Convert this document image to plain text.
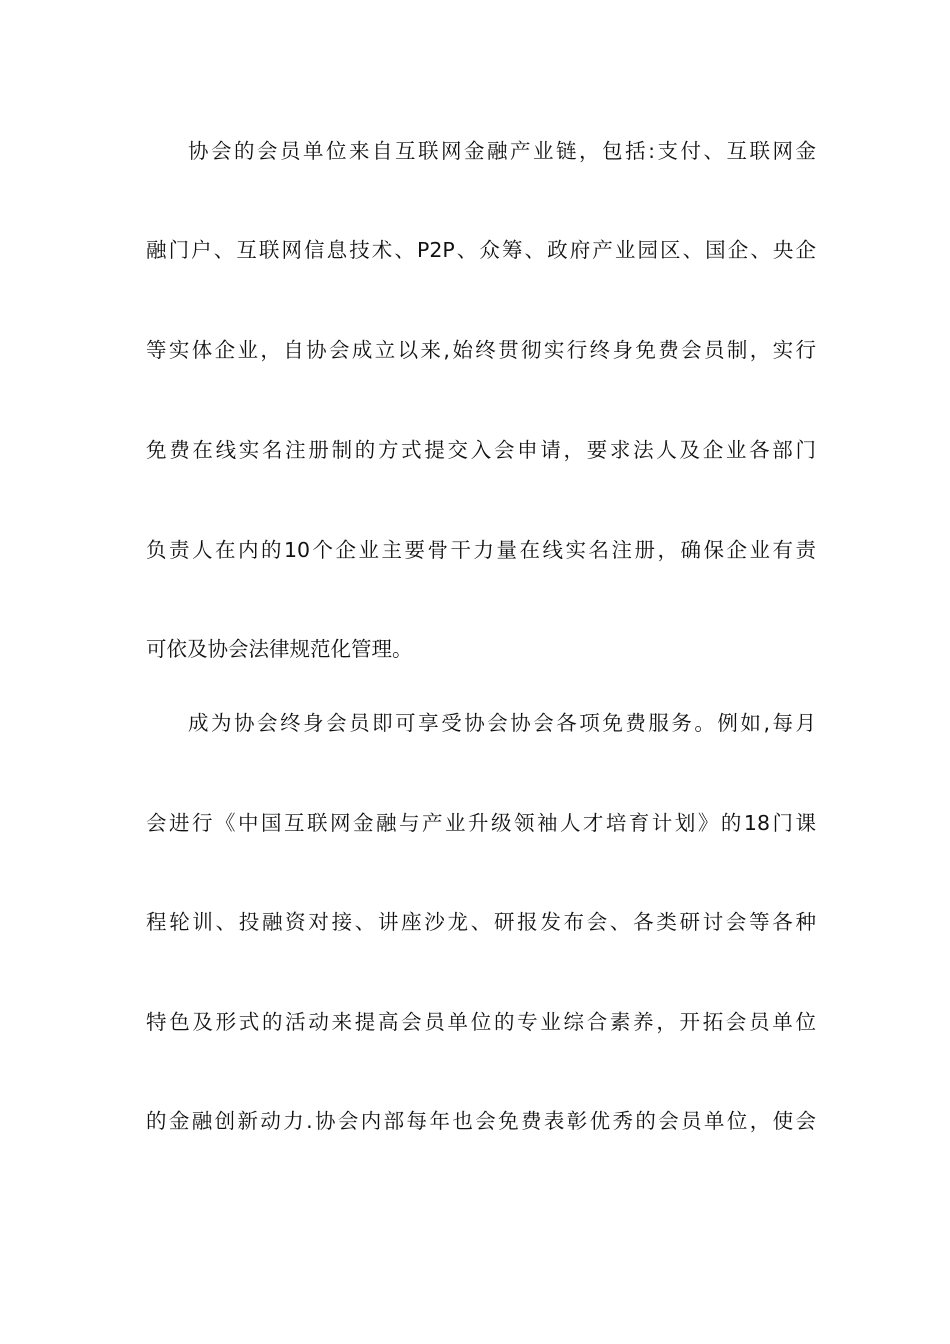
协会的会员单位来自互联网金融产业链，包括:支付、互联网金
融门户、互联网信息技术、P2P、众筹、政府产业园区、国企、央企
等实体企业，自协会成立以来,始终贯彻实行终身免费会员制，实行
免费在线实名注册制的方式提交入会申请，要求法人及企业各部门
负责人在内的10个企业主要骨干力量在线实名注册，确保企业有责
可依及协会法律规范化管理。
成为协会终身会员即可享受协会协会各项免费服务。例如,每月
会进行《中国互联网金融与产业升级领袖人才培育计划》的18门课
程轮训、投融资对接、讲座沙龙、研报发布会、各类研讨会等各种
特色及形式的活动来提高会员单位的专业综合素养，开拓会员单位
的金融创新动力.协会内部每年也会免费表彰优秀的会员单位，使会
